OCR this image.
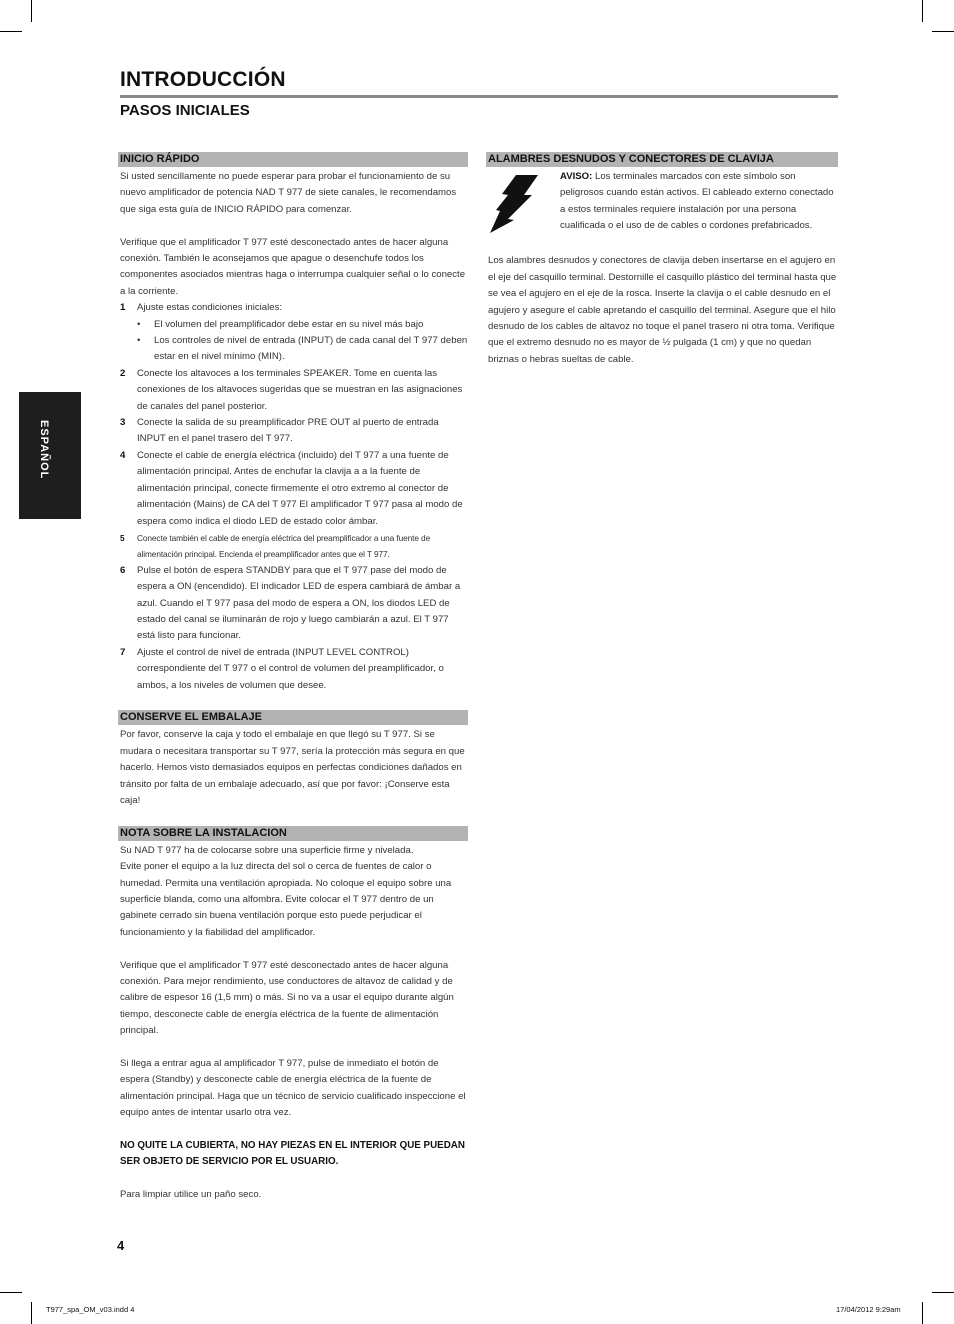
INTRODUCCIÓN
PASOS INICIALES
ESPAÑOL
INICIO RÁPIDO

Si usted sencillamente no puede esperar para probar el funcionamiento de su nuevo amplificador de potencia NAD T 977 de siete canales, le recomendamos que siga esta guía de INICIO RÁPIDO para comenzar.

Verifique que el amplificador T 977 esté desconectado antes de hacer alguna conexión. También le aconsejamos que apague o desenchufe todos los componentes asociados mientras haga o interrumpa cualquier señal o lo conecte a la corriente.

1 Ajuste estas condiciones iniciales:
• El volumen del preamplificador debe estar en su nivel más bajo
• Los controles de nivel de entrada (INPUT) de cada canal del T 977 deben estar en el nivel mínimo (MIN).
2 Conecte los altavoces a los terminales SPEAKER. Tome en cuenta las conexiones de los altavoces sugeridas que se muestran en las asignaciones de canales del panel posterior.
3 Conecte la salida de su preamplificador PRE OUT al puerto de entrada INPUT en el panel trasero del T 977.
4 Conecte el cable de energía eléctrica (incluido) del T 977 a una fuente de alimentación principal. Antes de enchufar la clavija a a la fuente de alimentación principal, conecte firmemente el otro extremo al conector de alimentación (Mains) de CA del T 977 El amplificador T 977 pasa al modo de espera como indica el diodo LED de estado color ámbar.
5 Conecte también el cable de energía eléctrica del preamplificador a una fuente de alimentación principal. Encienda el preamplificador antes que el T 977.
6 Pulse el botón de espera STANDBY para que el T 977 pase del modo de espera a ON (encendido). El indicador LED de espera cambiará de ámbar a azul. Cuando el T 977 pasa del modo de espera a ON, los diodos LED de estado del canal se iluminarán de rojo y luego cambiarán a azul. El T 977 está listo para funcionar.
7 Ajuste el control de nivel de entrada (INPUT LEVEL CONTROL) correspondiente del T 977 o el control de volumen del preamplificador, o ambos, a los niveles de volumen que desee.
CONSERVE EL EMBALAJE

Por favor, conserve la caja y todo el embalaje en que llegó su T 977. Si se mudara o necesitara transportar su T 977, sería la protección más segura en que hacerlo. Hemos visto demasiados equipos en perfectas condiciones dañados en tránsito por falta de un embalaje adecuado, así que por favor: ¡Conserve esta caja!

NOTA SOBRE LA INSTALACION

Su NAD T 977 ha de colocarse sobre una superficie firme y nivelada.

Evite poner el equipo a la luz directa del sol o cerca de fuentes de calor o humedad. Permita una ventilación apropiada. No coloque el equipo sobre una superficie blanda, como una alfombra. Evite colocar el T 977 dentro de un gabinete cerrado sin buena ventilación porque esto puede perjudicar el funcionamiento y la fiabilidad del amplificador.

Verifique que el amplificador T 977 esté desconectado antes de hacer alguna conexión. Para mejor rendimiento, use conductores de altavoz de calidad y de calibre de espesor 16 (1,5 mm) o más. Si no va a usar el equipo durante algún tiempo, desconecte cable de energía eléctrica de la fuente de alimentación principal.

Si llega a entrar agua al amplificador T 977, pulse de inmediato el botón de espera (Standby) y desconecte cable de energía eléctrica de la fuente de alimentación principal. Haga que un técnico de servicio cualificado inspeccione el equipo antes de intentar usarlo otra vez.

NO QUITE LA CUBIERTA, NO HAY PIEZAS EN EL INTERIOR QUE PUEDAN SER OBJETO DE SERVICIO POR EL USUARIO.

Para limpiar utilice un paño seco.

ALAMBRES DESNUDOS Y CONECTORES DE CLAVIJA

AVISO: Los terminales marcados con este símbolo son peligrosos cuando están activos. El cableado externo conectado a estos terminales requiere instalación por una persona cualificada o el uso de de cables o cordones prefabricados.

Los alambres desnudos y conectores de clavija deben insertarse en el agujero en el eje del casquillo terminal. Destornille el casquillo plástico del terminal hasta que se vea el agujero en el eje de la rosca. Inserte la clavija o el cable desnudo en el agujero y asegure el cable apretando el casquillo del terminal. Asegure que el hilo desnudo de los cables de altavoz no toque el panel trasero ni otra toma. Verifique que el extremo desnudo no es mayor de ½ pulgada (1 cm) y que no quedan briznas o hebras sueltas de cable.

4
T977_spa_OM_v03.indd 4	17/04/2012 9:29am
